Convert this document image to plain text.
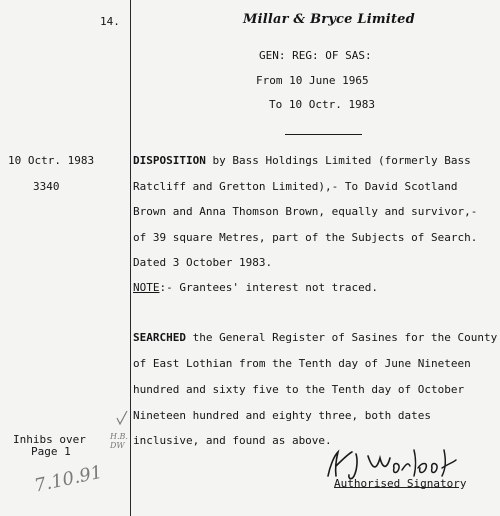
14.	Millar & Bryce Limited
GEN: REG: OF SAS:
From 10 June 1965
To 10 Octr. 1983
10 Octr. 1983
3340
Inhibs over
Page 1
H.B. DW
7.10.91
DISPOSITION by Bass Holdings Limited (formerly Bass
Ratcliff and Gretton Limited),- To David Scotland
Brown and Anna Thomson Brown, equally and survivor,-
of 39 square Metres, part of the Subjects of Search.
Dated 3 October 1983.
NOTE:- Grantees' interest not traced.
SEARCHED the General Register of Sasines for the County
of East Lothian from the Tenth day of June Nineteen
hundred and sixty five to the Tenth day of October
Nineteen hundred and eighty three, both dates
inclusive, and found as above.
Authorised Signatory
